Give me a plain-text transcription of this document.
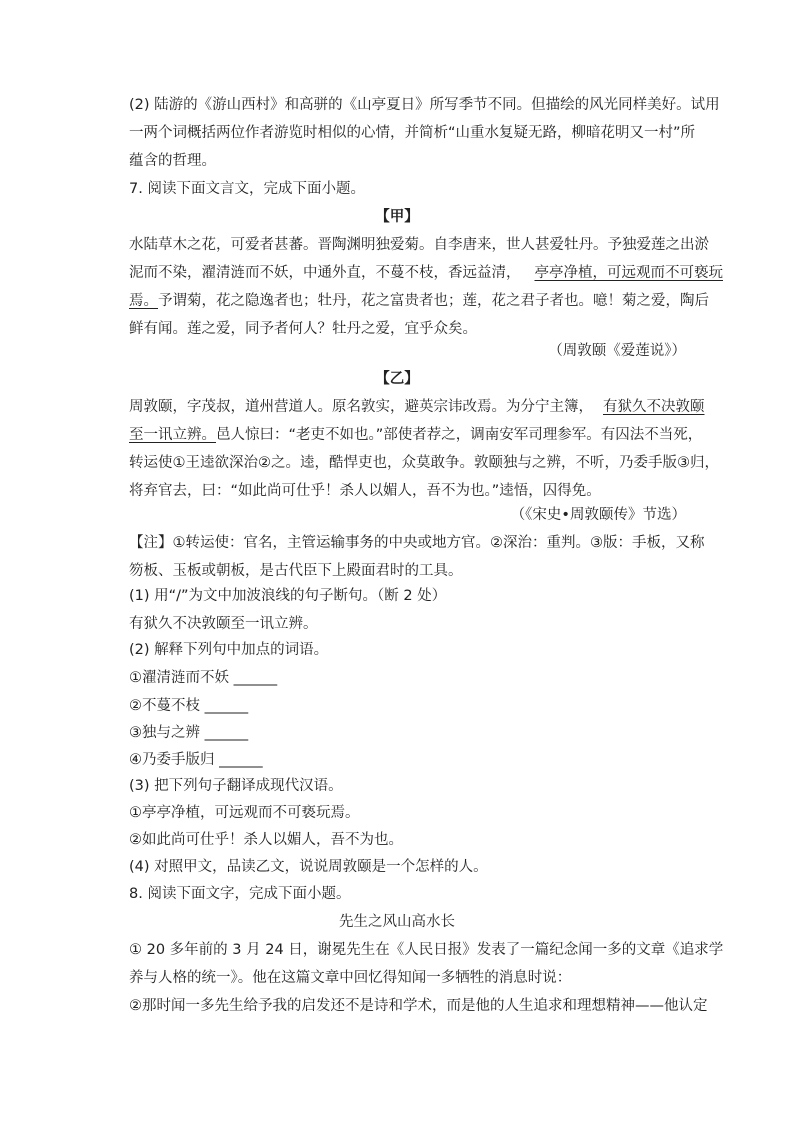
(2) 陆游的《游山西村》和高骈的《山亭夏日》所写季节不同。但描绘的风光同样美好。试用
一两个词概括两位作者游览时相似的心情，并简析“山重水复疑无路，柳暗花明又一村”所
蕴含的哲理。
7. 阅读下面文言文，完成下面小题。
【甲】
水陆草木之花，可爱者甚蕃。晋陶渊明独爱菊。自李唐来，世人甚爱牡丹。予独爱莲之出淤
泥而不染，濯清涟而不妖，中通外直，不蔓不枝，香远益清， 亭亭净植，可远观而不可亵玩
焉。予谓菊，花之隐逸者也；牡丹，花之富贵者也；莲，花之君子者也。噫！菊之爱，陶后
鲜有闻。莲之爱，同予者何人？牡丹之爱，宜乎众矣。
（周敦颐《爱莲说》）
【乙】
周敦颐，字茂叔，道州营道人。原名敦实，避英宗讳改焉。为分宁主簿， 有狱久不决敦颐
至一讯立辨。邑人惊曰：“老吏不如也。”部使者荐之，调南安军司理参军。有囚法不当死，
转运使①王逵欲深治②之。逵，酷悍吏也，众莫敢争。敦颐独与之辨，不听，乃委手版③归，
将弃官去，曰：“如此尚可仕乎！杀人以媚人，吾不为也。”逵悟，囚得免。
（《宋史•周敦颐传》节选）
【注】①转运使：官名，主管运输事务的中央或地方官。②深治：重判。③版：手板，又称
笏板、玉板或朝板，是古代臣下上殿面君时的工具。
(1) 用“/”为文中加波浪线的句子断句。（断 2 处）
有狱久不决敦颐至一讯立辨。
(2) 解释下列句中加点的词语。
①濯清涟而不妖 ______
②不蔓不枝 ______
③独与之辨 ______
④乃委手版归 ______
(3) 把下列句子翻译成现代汉语。
①亭亭净植，可远观而不可亵玩焉。
②如此尚可仕乎！杀人以媚人，吾不为也。
(4) 对照甲文，品读乙文，说说周敦颐是一个怎样的人。
8. 阅读下面文字，完成下面小题。
先生之风山高水长
① 20 多年前的 3 月 24 日，谢冕先生在《人民日报》发表了一篇纪念闻一多的文章《追求学
养与人格的统一》。他在这篇文章中回忆得知闻一多牺牲的消息时说：
②那时闻一多先生给予我的启发还不是诗和学术，而是他的人生追求和理想精神——他认定
